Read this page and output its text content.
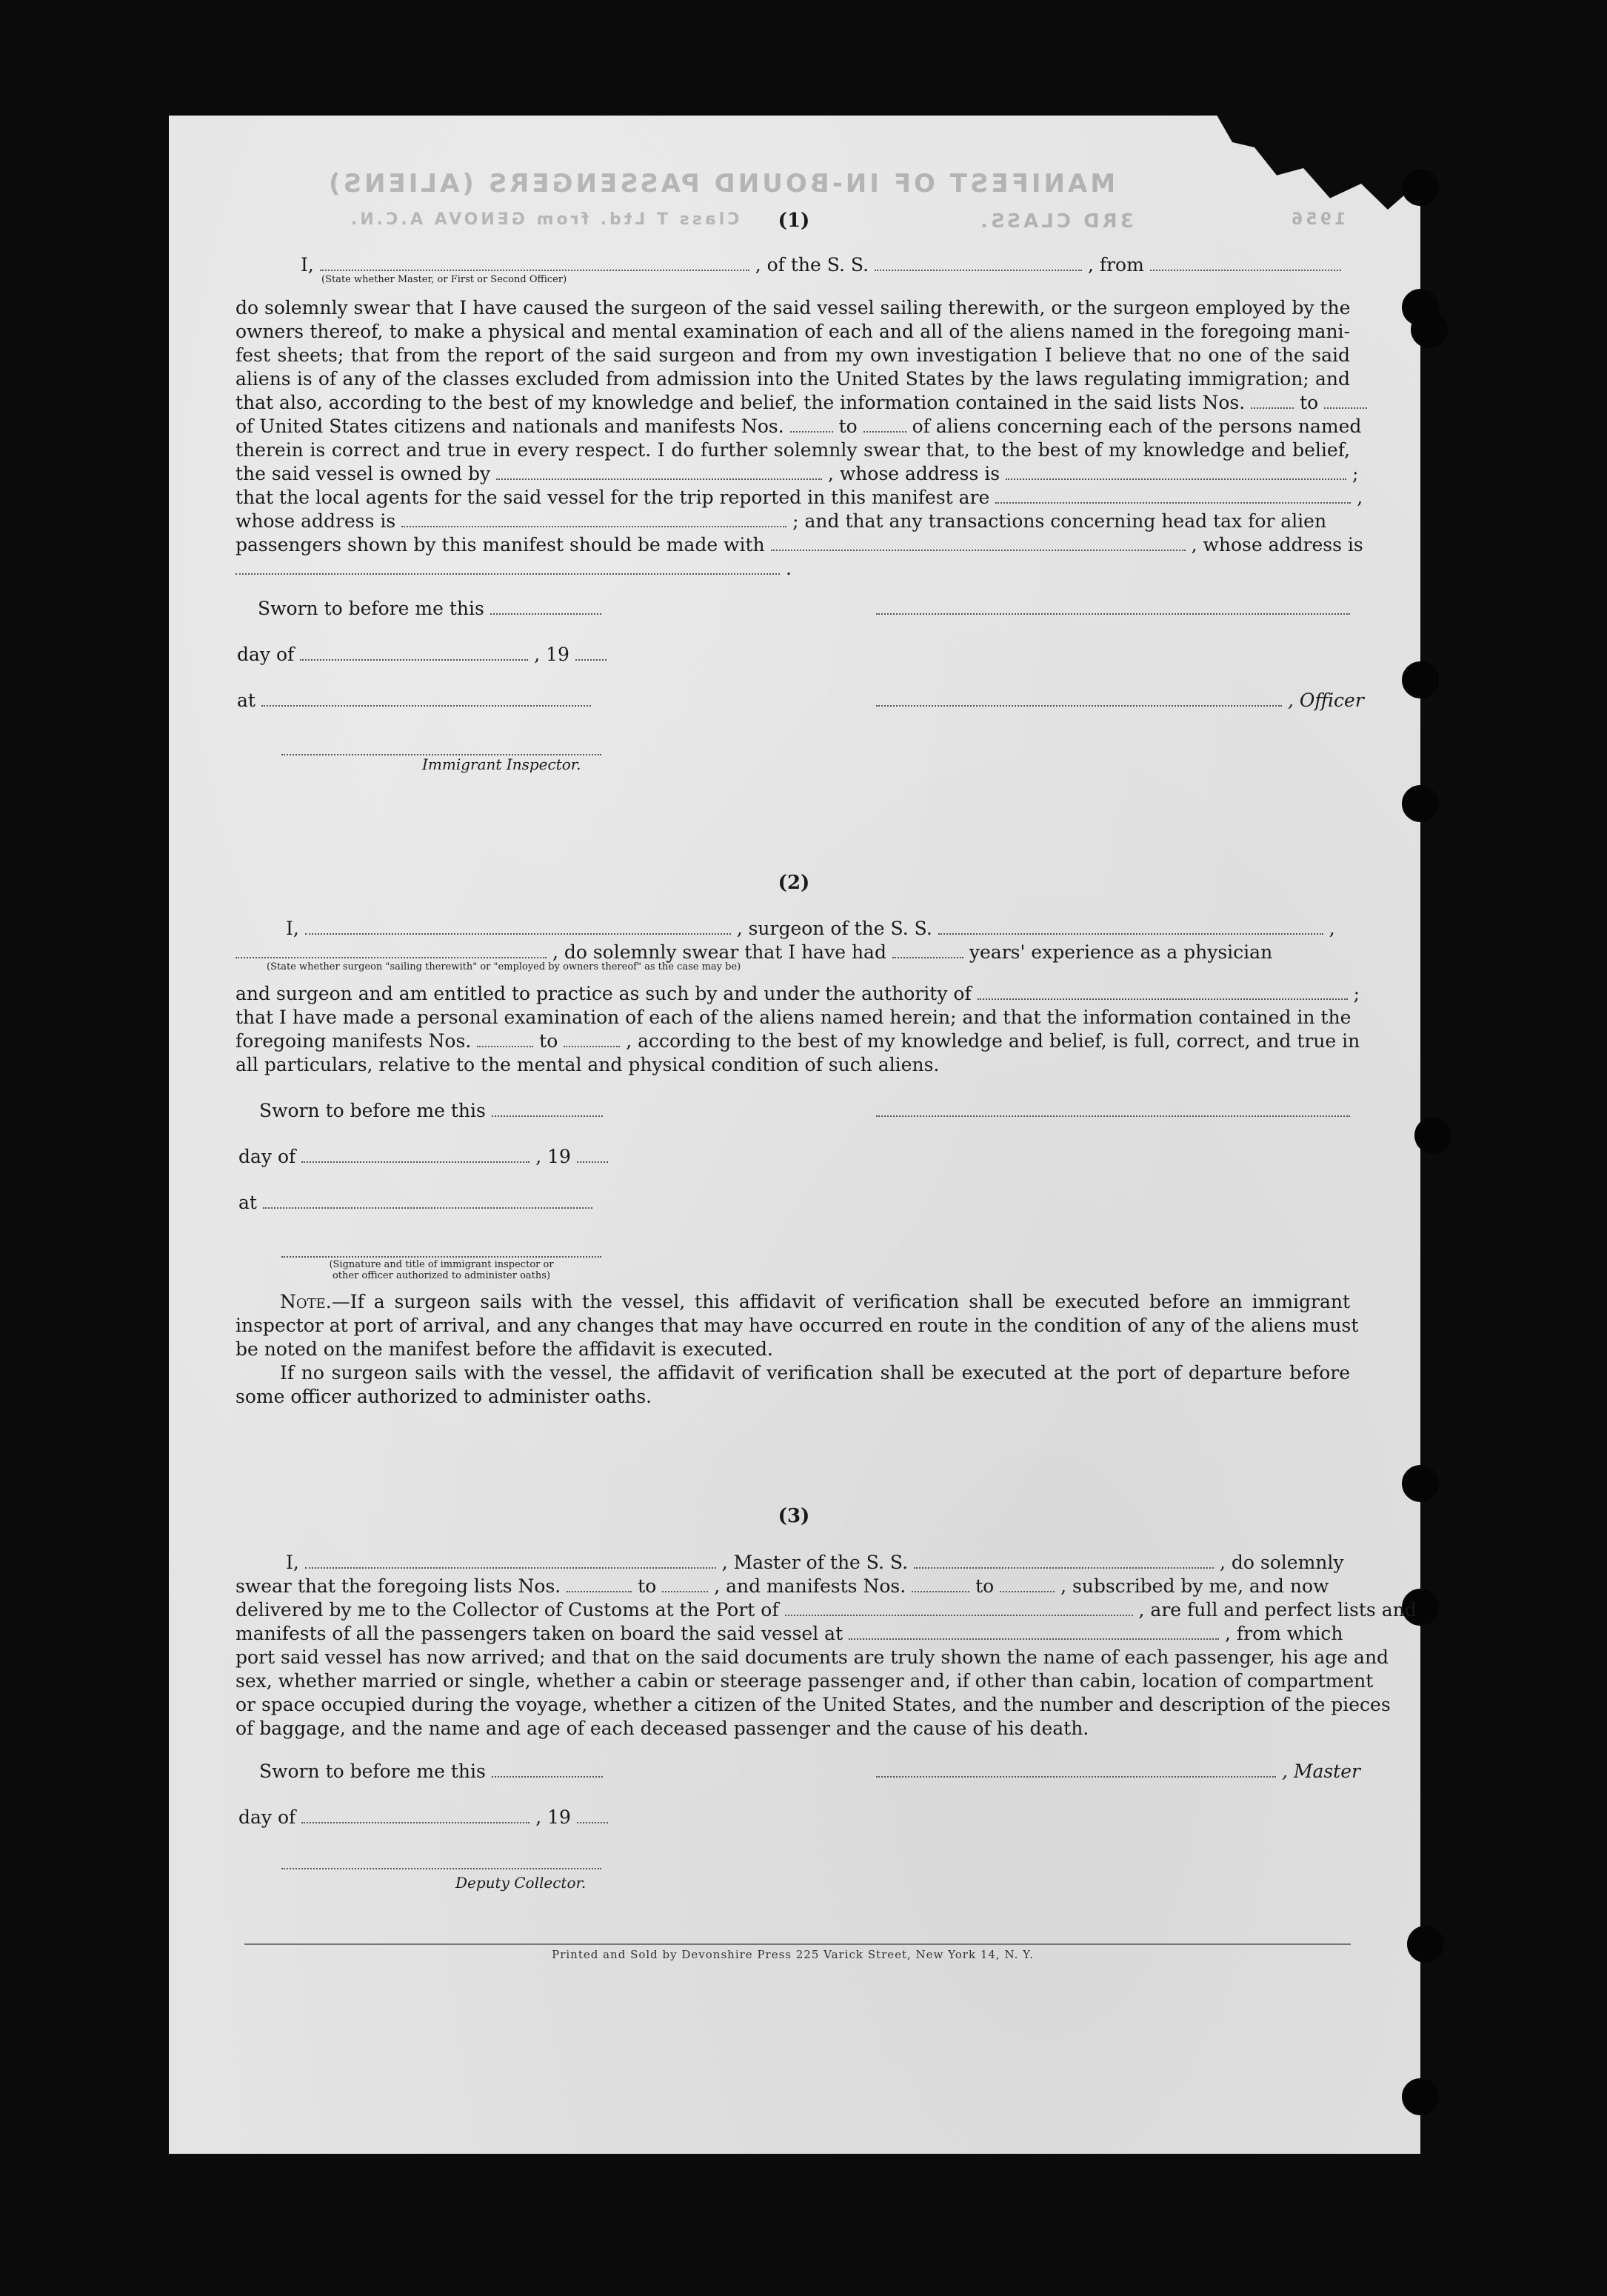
MANIFEST OF IN-BOUND PASSENGERS (ALIENS)
Class T Ltd. from GENOVA A.C.N.	3RD CLASS.	1956
(1)
I,	, of the S. S.	, from
(State whether Master, or First or Second Officer)
do solemnly swear that I have caused the surgeon of the said vessel sailing therewith, or the surgeon employed by the
owners thereof, to make a physical and mental examination of each and all of the aliens named in the foregoing mani-
fest sheets; that from the report of the said surgeon and from my own investigation I believe that no one of the said
aliens is of any of the classes excluded from admission into the United States by the laws regulating immigration; and
that also, according to the best of my knowledge and belief, the information contained in the said lists Nos.	to
of United States citizens and nationals and manifests Nos.	to	of aliens concerning each of the persons named
therein is correct and true in every respect. I do further solemnly swear that, to the best of my knowledge and belief,
the said vessel is owned by	, whose address is	;
that the local agents for the said vessel for the trip reported in this manifest are	,
whose address is	; and that any transactions concerning head tax for alien
passengers shown by this manifest should be made with	, whose address is
.
Sworn to before me this
day of	, 19
at	, Officer
Immigrant Inspector.
(2)
I,	, surgeon of the S. S.	,
, do solemnly swear that I have had	years' experience as a physician
(State whether surgeon "sailing therewith" or "employed by owners thereof" as the case may be)
and surgeon and am entitled to practice as such by and under the authority of	;
that I have made a personal examination of each of the aliens named herein; and that the information contained in the
foregoing manifests Nos.	to	, according to the best of my knowledge and belief, is full, correct, and true in
all particulars, relative to the mental and physical condition of such aliens.
Sworn to before me this
day of	, 19
at
(Signature and title of immigrant inspector or
other officer authorized to administer oaths)
Note.—If a surgeon sails with the vessel, this affidavit of verification shall be executed before an immigrant
inspector at port of arrival, and any changes that may have occurred en route in the condition of any of the aliens must
be noted on the manifest before the affidavit is executed.
If no surgeon sails with the vessel, the affidavit of verification shall be executed at the port of departure before
some officer authorized to administer oaths.
(3)
I,	, Master of the S. S.	, do solemnly
swear that the foregoing lists Nos.	to	, and manifests Nos.	to	, subscribed by me, and now
delivered by me to the Collector of Customs at the Port of	, are full and perfect lists and
manifests of all the passengers taken on board the said vessel at	, from which
port said vessel has now arrived; and that on the said documents are truly shown the name of each passenger, his age and
sex, whether married or single, whether a cabin or steerage passenger and, if other than cabin, location of compartment
or space occupied during the voyage, whether a citizen of the United States, and the number and description of the pieces
of baggage, and the name and age of each deceased passenger and the cause of his death.
Sworn to before me this	, Master
day of	, 19
Deputy Collector.
Printed and Sold by Devonshire Press 225 Varick Street, New York 14, N. Y.
